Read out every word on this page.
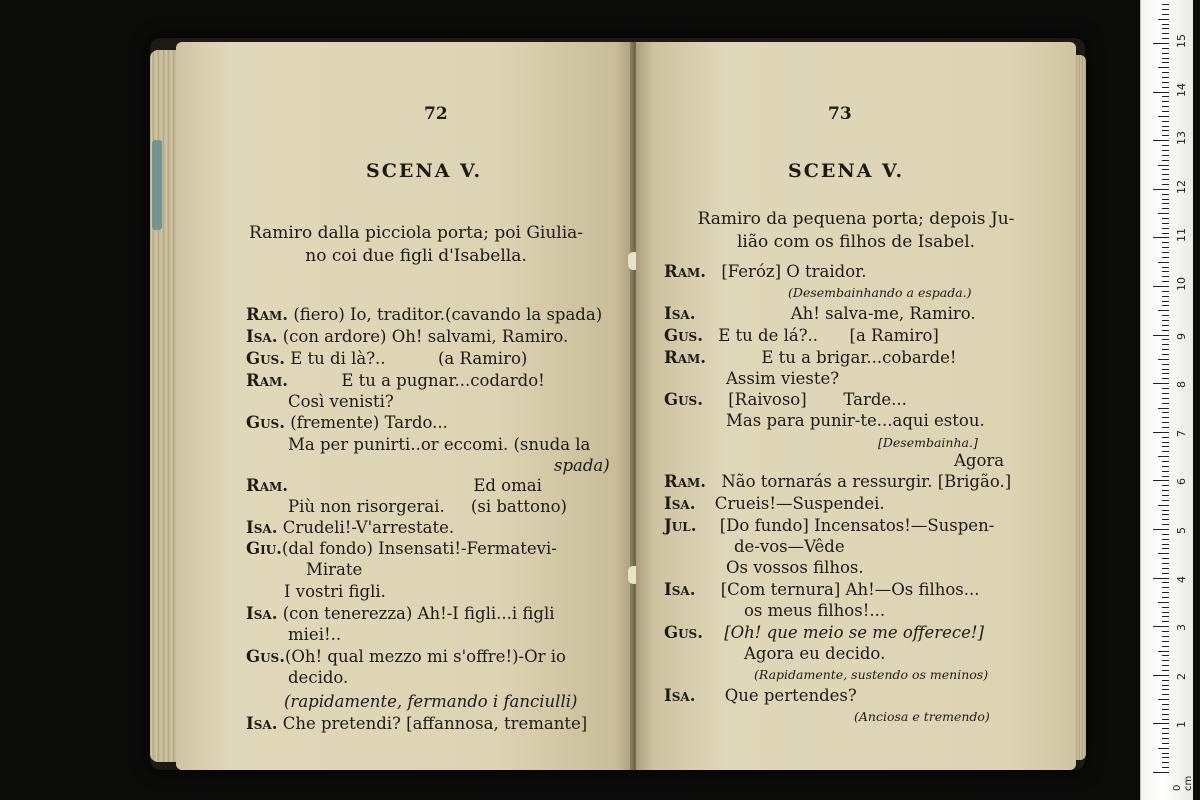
72
SCENA V.
Ramiro dalla picciola porta; poi Giulia-
no coi due figli d'Isabella.
Ram. (fiero) Io, traditor.(cavando la spada)
Isa. (con ardore) Oh! salvami, Ramiro.
Gus. E tu di là?..          (a Ramiro)
Ram.	E tu a pugnar...codardo!
Così venisti?
Gus. (fremente) Tardo...
Ma per punirti..or eccomi. (snuda la
spada)
Ram.	Ed omai
Più non risorgerai.     (si battono)
Isa. Crudeli!-V'arrestate.
Giu.(dal fondo) Insensati!-Fermatevi-
Mirate
I vostri figli.
Isa. (con tenerezza) Ah!-I figli...i figli
miei!..
Gus.(Oh! qual mezzo mi s'offre!)-Or io
decido.
(rapidamente, fermando i fanciulli)
Isa. Che pretendi? [affannosa, tremante]
73
SCENA V.
Ramiro da pequena porta; depois Ju-
lião com os filhos de Isabel.
Ram. [Feróz] O traidor.
(Desembainhando a espada.)
Isa.	Ah! salva-me, Ramiro.
Gus. E tu de lá?..      [a Ramiro]
Ram.	E tu a brigar...cobarde!
Assim vieste?
Gus. [Raivoso]       Tarde...
Mas para punir-te...aqui estou.
[Desembainha.]
Agora
Ram. Não tornarás a ressurgir. [Brigão.]
Isa. Crueis!—Suspendei.
Jul. [Do fundo] Incensatos!—Suspen-
de-vos—Vêde
Os vossos filhos.
Isa. [Com ternura] Ah!—Os filhos...
os meus filhos!...
Gus. [Oh! que meio se me offerece!]
Agora eu decido.
(Rapidamente, sustendo os meninos)
Isa. Que pertendes?
(Anciosa e tremendo)
1
2
3
4
5
6
7
8
9
10
11
12
13
14
15
0 cm
